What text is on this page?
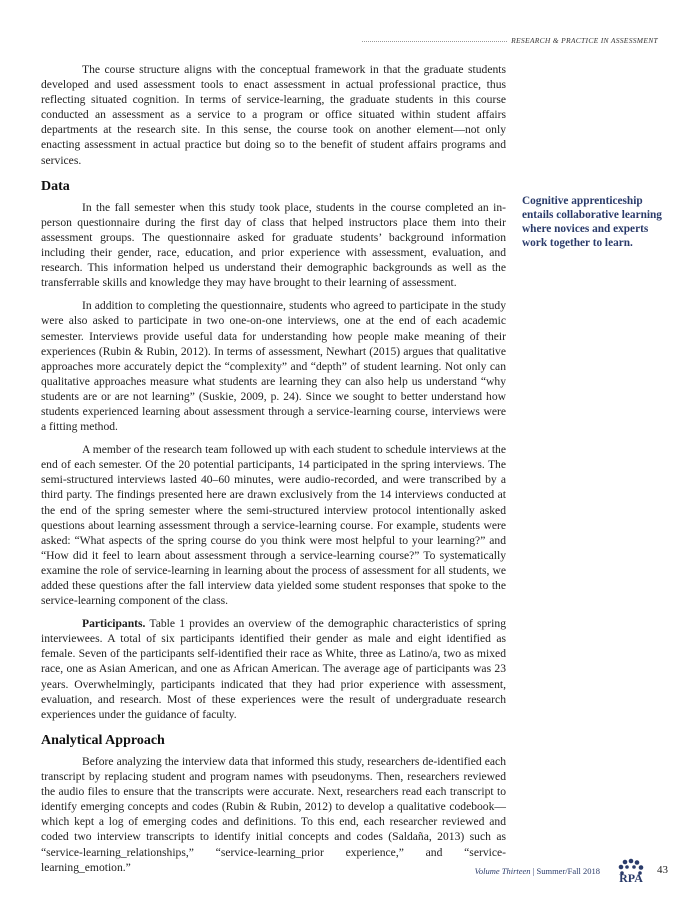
RESEARCH & PRACTICE IN ASSESSMENT

The course structure aligns with the conceptual framework in that the graduate students developed and used assessment tools to enact assessment in actual professional practice, thus reflecting situated cognition. In terms of service-learning, the graduate students in this course conducted an assessment as a service to a program or office situated within student affairs departments at the research site. In this sense, the course took on another element—not only enacting assessment in actual practice but doing so to the benefit of student affairs programs and services.

Data

In the fall semester when this study took place, students in the course completed an in-person questionnaire during the first day of class that helped instructors place them into their assessment groups. The questionnaire asked for graduate students’ background information including their gender, race, education, and prior experience with assessment, evaluation, and research. This information helped us understand their demographic backgrounds as well as the transferrable skills and knowledge they may have brought to their learning of assessment.

In addition to completing the questionnaire, students who agreed to participate in the study were also asked to participate in two one-on-one interviews, one at the end of each academic semester. Interviews provide useful data for understanding how people make meaning of their experiences (Rubin & Rubin, 2012). In terms of assessment, Newhart (2015) argues that qualitative approaches more accurately depict the “complexity” and “depth” of student learning. Not only can qualitative approaches measure what students are learning they can also help us understand “why students are or are not learning” (Suskie, 2009, p. 24). Since we sought to better understand how students experienced learning about assessment through a service-learning course, interviews were a fitting method.

A member of the research team followed up with each student to schedule interviews at the end of each semester. Of the 20 potential participants, 14 participated in the spring interviews. The semi-structured interviews lasted 40–60 minutes, were audio-recorded, and were transcribed by a third party. The findings presented here are drawn exclusively from the 14 interviews conducted at the end of the spring semester where the semi-structured interview protocol intentionally asked questions about learning assessment through a service-learning course. For example, students were asked: “What aspects of the spring course do you think were most helpful to your learning?” and “How did it feel to learn about assessment through a service-learning course?” To systematically examine the role of service-learning in learning about the process of assessment for all students, we added these questions after the fall interview data yielded some student responses that spoke to the service-learning component of the class.

Participants. Table 1 provides an overview of the demographic characteristics of spring interviewees. A total of six participants identified their gender as male and eight identified as female. Seven of the participants self-identified their race as White, three as Latino/a, two as mixed race, one as Asian American, and one as African American. The average age of participants was 23 years. Overwhelmingly, participants indicated that they had prior experience with assessment, evaluation, and research. Most of these experiences were the result of undergraduate research experiences under the guidance of faculty.

Analytical Approach

Before analyzing the interview data that informed this study, researchers de-identified each transcript by replacing student and program names with pseudonyms. Then, researchers reviewed the audio files to ensure that the transcripts were accurate. Next, researchers read each transcript to identify emerging concepts and codes (Rubin & Rubin, 2012) to develop a qualitative codebook—which kept a log of emerging codes and definitions. To this end, each researcher reviewed and coded two interview transcripts to identify initial concepts and codes (Saldaña, 2013) such as “service-learning_relationships,” “service-learning_prior experience,” and “service-learning_emotion.”

Cognitive apprenticeship entails collaborative learning where novices and experts work together to learn.
Volume Thirteen | Summer/Fall 2018 RPA
43
